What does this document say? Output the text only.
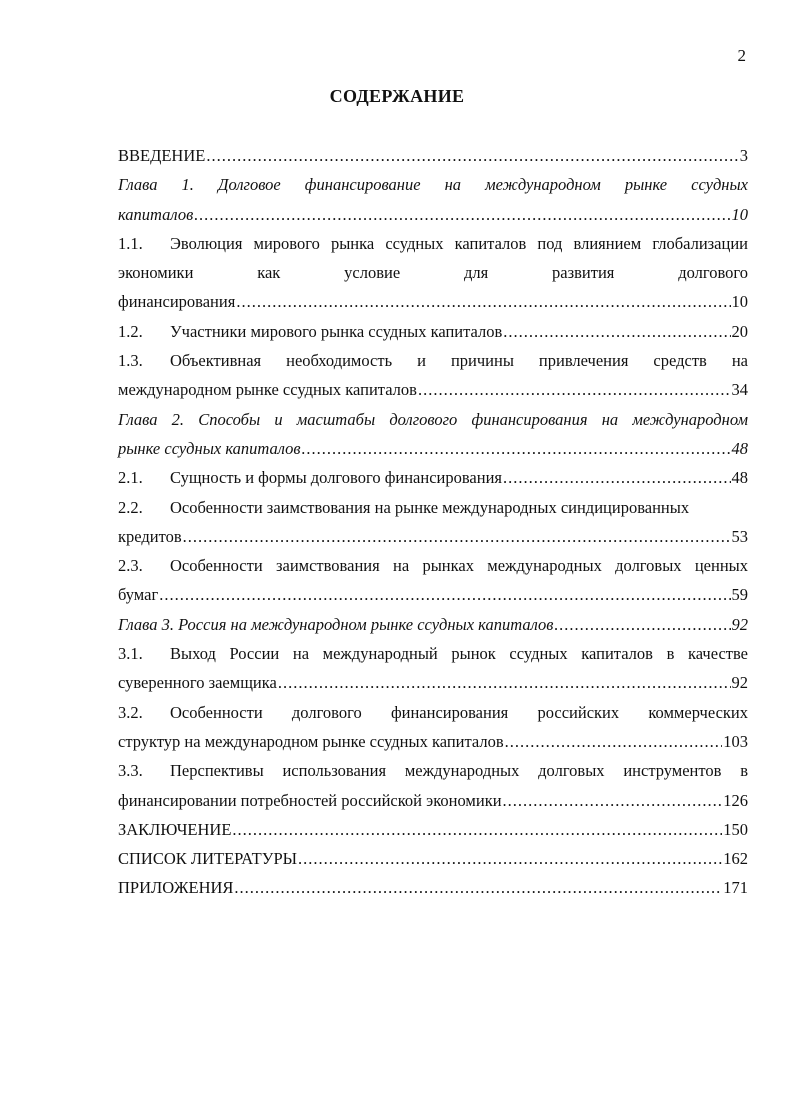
2
СОДЕРЖАНИЕ
ВВЕДЕНИЕ .....	3
Глава 1. Долговое финансирование на международном рынке ссудных
капиталов .....	10
1.1. Эволюция мирового рынка ссудных капиталов под влиянием глобализации
экономики как условие для развития долгового
финансирования .....	10
1.2. Участники мирового рынка ссудных капиталов .....	20
1.3. Объективная необходимость и причины привлечения средств на
международном рынке ссудных капиталов .....	34
Глава 2. Способы и масштабы долгового финансирования на международном
рынке ссудных капиталов .....	48
2.1. Сущность и формы долгового финансирования .....	48
2.2. Особенности заимствования на рынке международных синдицированных
кредитов .....	53
2.3. Особенности заимствования на рынках международных долговых ценных
бумаг .....	59
Глава 3. Россия на международном рынке ссудных капиталов .....	92
3.1. Выход России на международный рынок ссудных капиталов в качестве
суверенного заемщика .....	92
3.2. Особенности долгового финансирования российских коммерческих
структур на международном рынке ссудных капиталов .....	103
3.3. Перспективы использования международных долговых инструментов в
финансировании потребностей российской экономики .....	126
ЗАКЛЮЧЕНИЕ .....	150
СПИСОК ЛИТЕРАТУРЫ .....	162
ПРИЛОЖЕНИЯ .....	171
